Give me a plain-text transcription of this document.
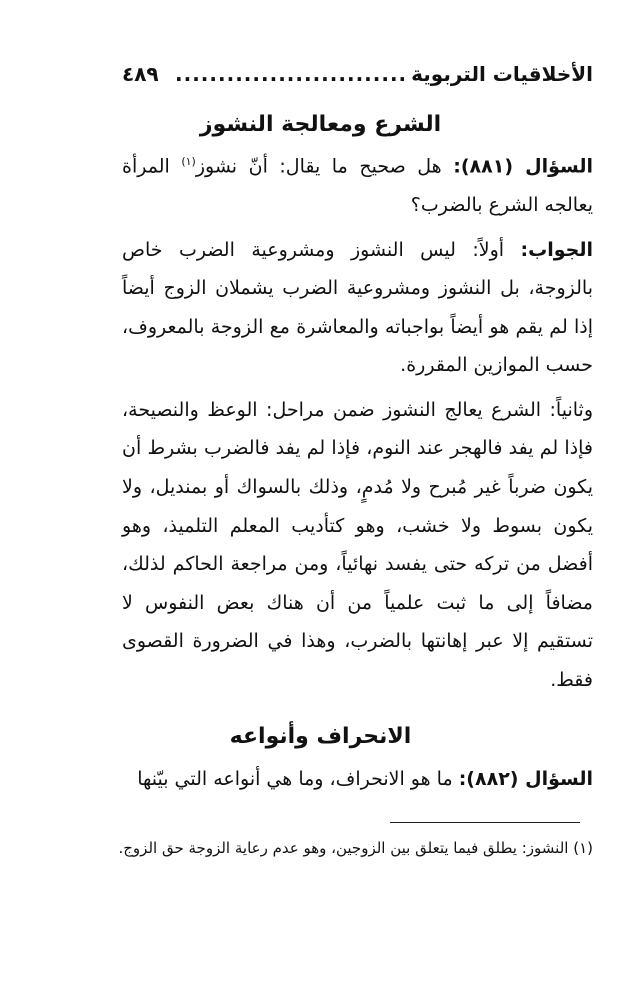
الأخلاقيات التربوية
...........................
٤٨٩
الشرع ومعالجة النشوز

السؤال (٨٨١): هل صحيح ما يقال: أنّ نشوز$^{(١)}$ المرأة يعالجه الشرع بالضرب؟

الجواب: أولاً: ليس النشوز ومشروعية الضرب خاص بالزوجة، بل النشوز ومشروعية الضرب يشملان الزوج أيضاً إذا لم يقم هو أيضاً بواجباته والمعاشرة مع الزوجة بالمعروف، حسب الموازين المقررة.

وثانياً: الشرع يعالج النشوز ضمن مراحل: الوعظ والنصيحة، فإذا لم يفد فالهجر عند النوم، فإذا لم يفد فالضرب بشرط أن يكون ضرباً غير مُبرح ولا مُدمٍ، وذلك بالسواك أو بمنديل، ولا يكون بسوط ولا خشب، وهو كتأديب المعلم التلميذ، وهو أفضل من تركه حتى يفسد نهائياً، ومن مراجعة الحاكم لذلك، مضافاً إلى ما ثبت علمياً من أن هناك بعض النفوس لا تستقيم إلا عبر إهانتها بالضرب، وهذا في الضرورة القصوى فقط.

الانحراف وأنواعه

السؤال (٨٨٢): ما هو الانحراف، وما هي أنواعه التي بيّنها

(١) النشوز: يطلق فيما يتعلق بين الزوجين، وهو عدم رعاية الزوجة حق الزوج.
